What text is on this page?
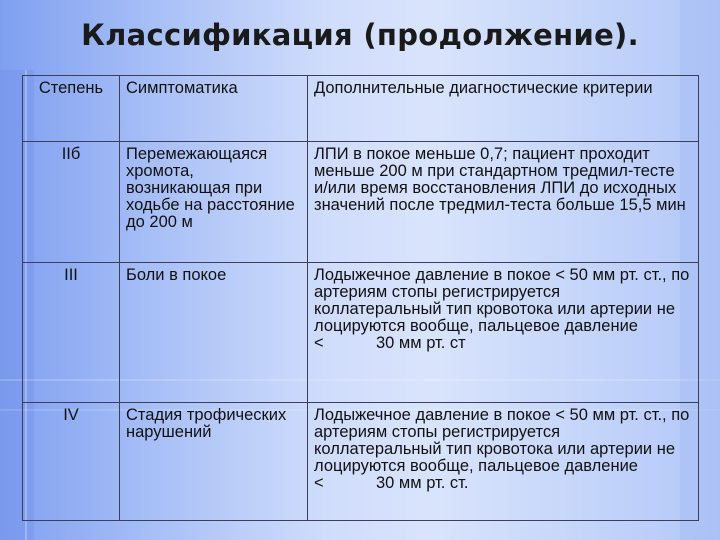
Классификация (продолжение).
Степень	Симптоматика	Дополнительные диагностические критерии
IIб	Перемежающаяся хромота, возникающая при ходьбе на расстояние до 200 м	ЛПИ в покое меньше 0,7; пациент проходит меньше 200 м при стандартном тредмил-тесте и/или время восстановления ЛПИ до исходных значений после тредмил-теста больше 15,5 мин
III	Боли в покое	Лодыжечное давление в покое < 50 мм рт. ст., по артериям стопы регистрируется коллатеральный тип кровотока или артерии не лоцируются вообще, пальцевое давление
< 30 мм рт. ст
IV	Стадия трофических нарушений	Лодыжечное давление в покое < 50 мм рт. ст., по артериям стопы регистрируется коллатеральный тип кровотока или артерии не лоцируются вообще, пальцевое давление
< 30 мм рт. ст.
